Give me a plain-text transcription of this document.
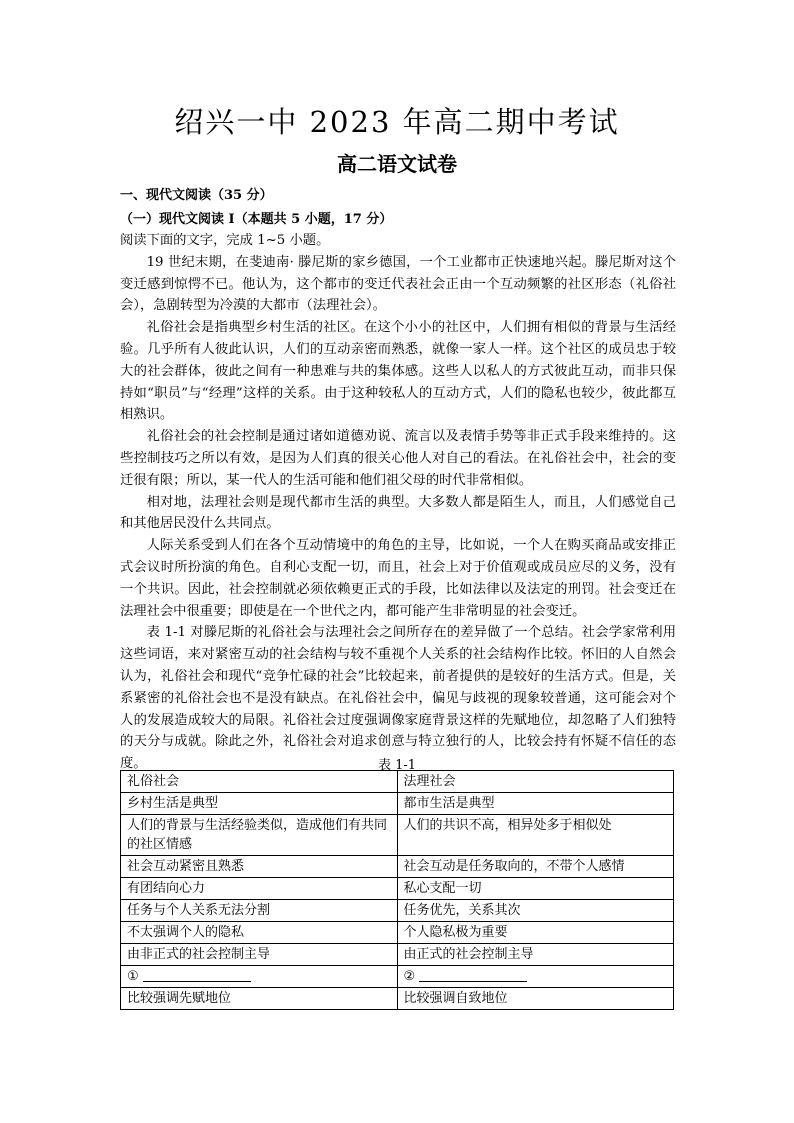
绍兴一中 2023 年高二期中考试
高二语文试卷
一、现代文阅读（35 分）
（一）现代文阅读 I（本题共 5 小题，17 分）

阅读下面的文字，完成 1~5 小题。

19 世纪末期，在斐迪南· 滕尼斯的家乡德国，一个工业都市正快速地兴起。滕尼斯对这个变迁感到惊愕不已。他认为，这个都市的变迁代表社会正由一个互动频繁的社区形态（礼俗社会），急剧转型为冷漠的大都市（法理社会）。

礼俗社会是指典型乡村生活的社区。在这个小小的社区中，人们拥有相似的背景与生活经验。几乎所有人彼此认识，人们的互动亲密而熟悉，就像一家人一样。这个社区的成员忠于较大的社会群体，彼此之间有一种患难与共的集体感。这些人以私人的方式彼此互动，而非只保持如“职员”与“经理”这样的关系。由于这种较私人的互动方式，人们的隐私也较少，彼此都互相熟识。

礼俗社会的社会控制是通过诸如道德劝说、流言以及表情手势等非正式手段来维持的。这些控制技巧之所以有效，是因为人们真的很关心他人对自己的看法。在礼俗社会中，社会的变迁很有限；所以，某一代人的生活可能和他们祖父母的时代非常相似。

相对地，法理社会则是现代都市生活的典型。大多数人都是陌生人，而且，人们感觉自己和其他居民没什么共同点。

人际关系受到人们在各个互动情境中的角色的主导，比如说，一个人在购买商品或安排正式会议时所扮演的角色。自利心支配一切，而且，社会上对于价值观或成员应尽的义务，没有一个共识。因此，社会控制就必须依赖更正式的手段，比如法律以及法定的刑罚。社会变迁在法理社会中很重要；即使是在一个世代之内，都可能产生非常明显的社会变迁。

表 1-1 对滕尼斯的礼俗社会与法理社会之间所存在的差异做了一个总结。社会学家常利用这些词语，来对紧密互动的社会结构与较不重视个人关系的社会结构作比较。怀旧的人自然会认为，礼俗社会和现代“竞争忙碌的社会”比较起来，前者提供的是较好的生活方式。但是，关系紧密的礼俗社会也不是没有缺点。在礼俗社会中，偏见与歧视的现象较普通，这可能会对个人的发展造成较大的局限。礼俗社会过度强调像家庭背景这样的先赋地位，却忽略了人们独特的天分与成就。除此之外，礼俗社会对追求创意与特立独行的人，比较会持有怀疑不信任的态度。	表 1-1
礼俗社会	法理社会
乡村生活是典型	都市生活是典型
人们的背景与生活经验类似，造成他们有共同的社区情感	人们的共识不高，相异处多于相似处
社会互动紧密且熟悉	社会互动是任务取向的，不带个人感情
有团结向心力	私心支配一切
任务与个人关系无法分割	任务优先，关系其次
不太强调个人的隐私	个人隐私极为重要
由非正式的社会控制主导	由正式的社会控制主导
①	②
比较强调先赋地位	比较强调自致地位
